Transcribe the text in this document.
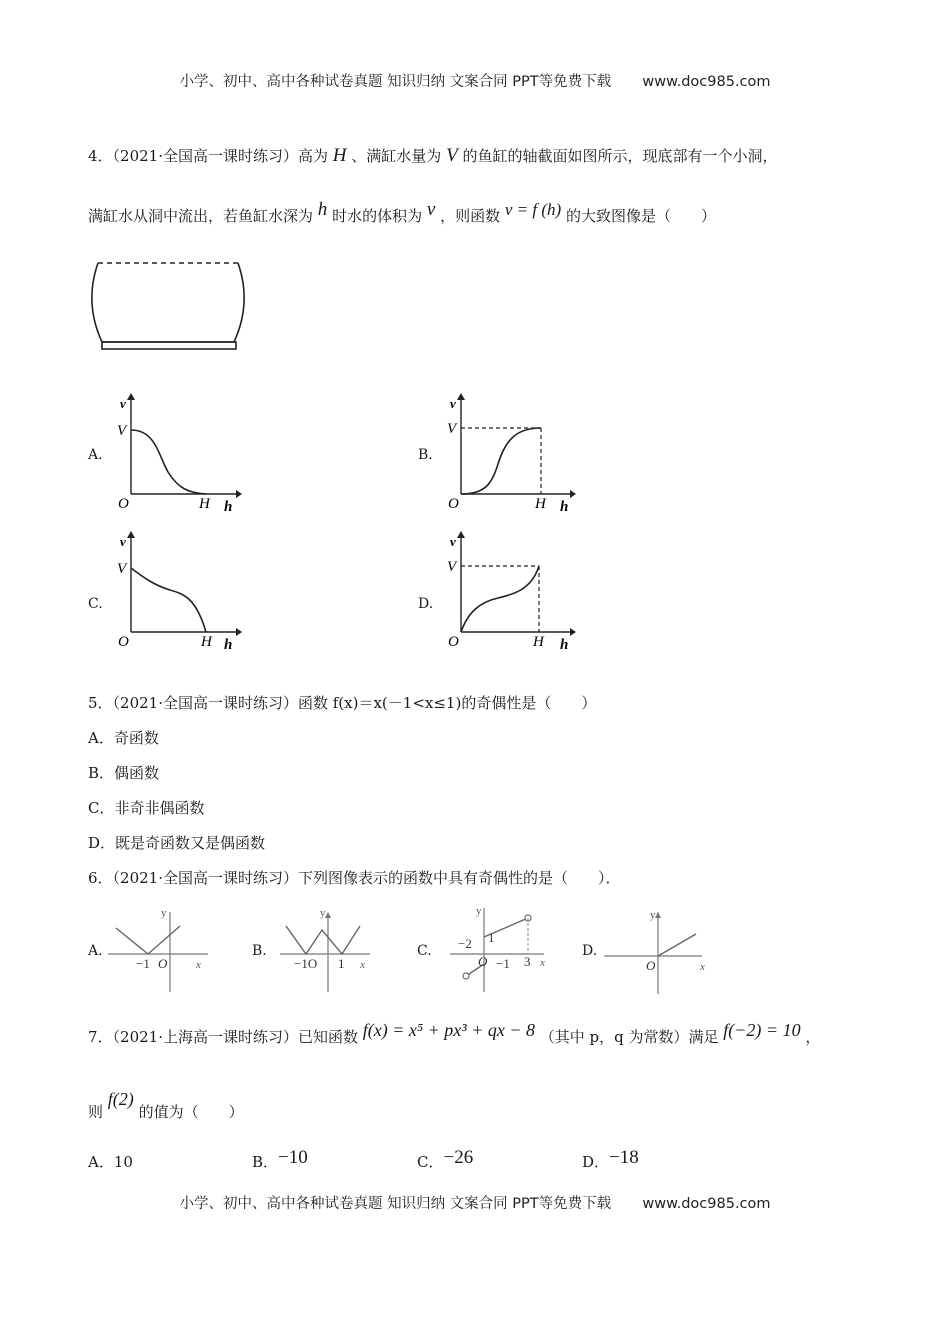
小学、初中、高中各种试卷真题 知识归纳 文案合同 PPT等免费下载 www.doc985.com
4．（2021·全国高一课时练习）高为 H 、满缸水量为 V 的鱼缸的轴截面如图所示，现底部有一个小洞，
满缸水从洞中流出，若鱼缸水深为 h 时水的体积为 v ，则函数 v = f (h) 的大致图像是（　　）
A.	B.
C.	D.
v
V
O	H h
v
V
O	H h
v
V
O	H h
v
V
O	H h
5．（2021·全国高一课时练习）函数 f(x)＝x(－1<x≤1)的奇偶性是（　　）
A．奇函数
B．偶函数
C．非奇非偶函数
D．既是奇函数又是偶函数
6．（2021·全国高一课时练习）下列图像表示的函数中具有奇偶性的是（　　）．
A.	B.	C.	D.
y
x
−1 O
y
x
−1O 1
y
x
−2 1
O −1 3
y
x
O
7．（2021·上海高一课时练习）已知函数 f(x) = x⁵ + px³ + qx − 8 （其中 p，q 为常数）满足 f(−2) = 10 ，
则 f(2) 的值为（　　）
A．10	B．−10	C．−26	D．−18
小学、初中、高中各种试卷真题 知识归纳 文案合同 PPT等免费下载 www.doc985.com
